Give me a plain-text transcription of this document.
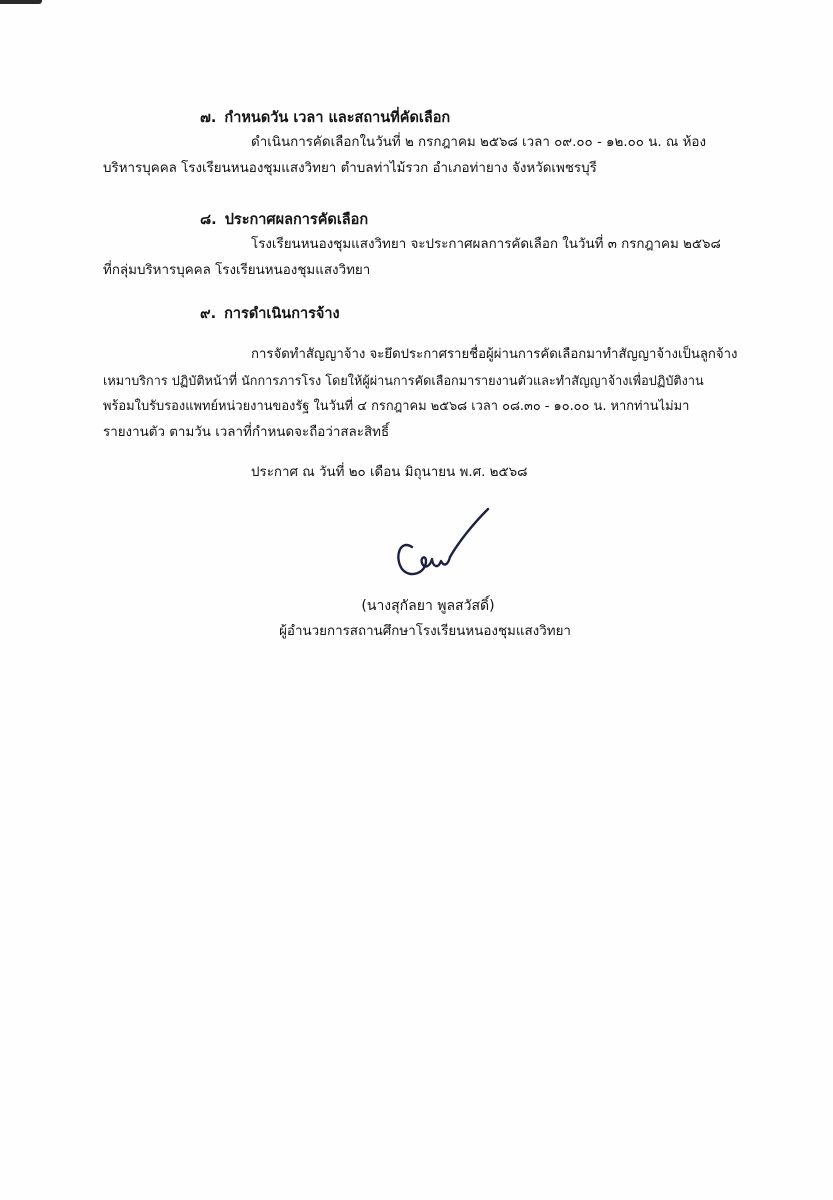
๗. กำหนดวัน เวลา และสถานที่คัดเลือก
ดำเนินการคัดเลือกในวันที่ ๒ กรกฎาคม ๒๕๖๘ เวลา ๐๙.๐๐ - ๑๒.๐๐ น. ณ ห้อง
บริหารบุคคล โรงเรียนหนองชุมแสงวิทยา ตำบลท่าไม้รวก อำเภอท่ายาง จังหวัดเพชรบุรี
๘. ประกาศผลการคัดเลือก
โรงเรียนหนองชุมแสงวิทยา จะประกาศผลการคัดเลือก ในวันที่ ๓ กรกฎาคม ๒๕๖๘
ที่กลุ่มบริหารบุคคล โรงเรียนหนองชุมแสงวิทยา
๙. การดำเนินการจ้าง
การจัดทำสัญญาจ้าง จะยึดประกาศรายชื่อผู้ผ่านการคัดเลือกมาทำสัญญาจ้างเป็นลูกจ้าง
เหมาบริการ ปฏิบัติหน้าที่ นักการภารโรง โดยให้ผู้ผ่านการคัดเลือกมารายงานตัวและทำสัญญาจ้างเพื่อปฏิบัติงาน
พร้อมใบรับรองแพทย์หน่วยงานของรัฐ ในวันที่ ๔ กรกฎาคม ๒๕๖๘ เวลา ๐๘.๓๐ - ๑๐.๐๐ น. หากท่านไม่มา
รายงานตัว ตามวัน เวลาที่กำหนดจะถือว่าสละสิทธิ์
ประกาศ ณ วันที่ ๒๐ เดือน มิถุนายน พ.ศ. ๒๕๖๘
(นางสุกัลยา พูลสวัสดิ์)
ผู้อำนวยการสถานศึกษาโรงเรียนหนองชุมแสงวิทยา
